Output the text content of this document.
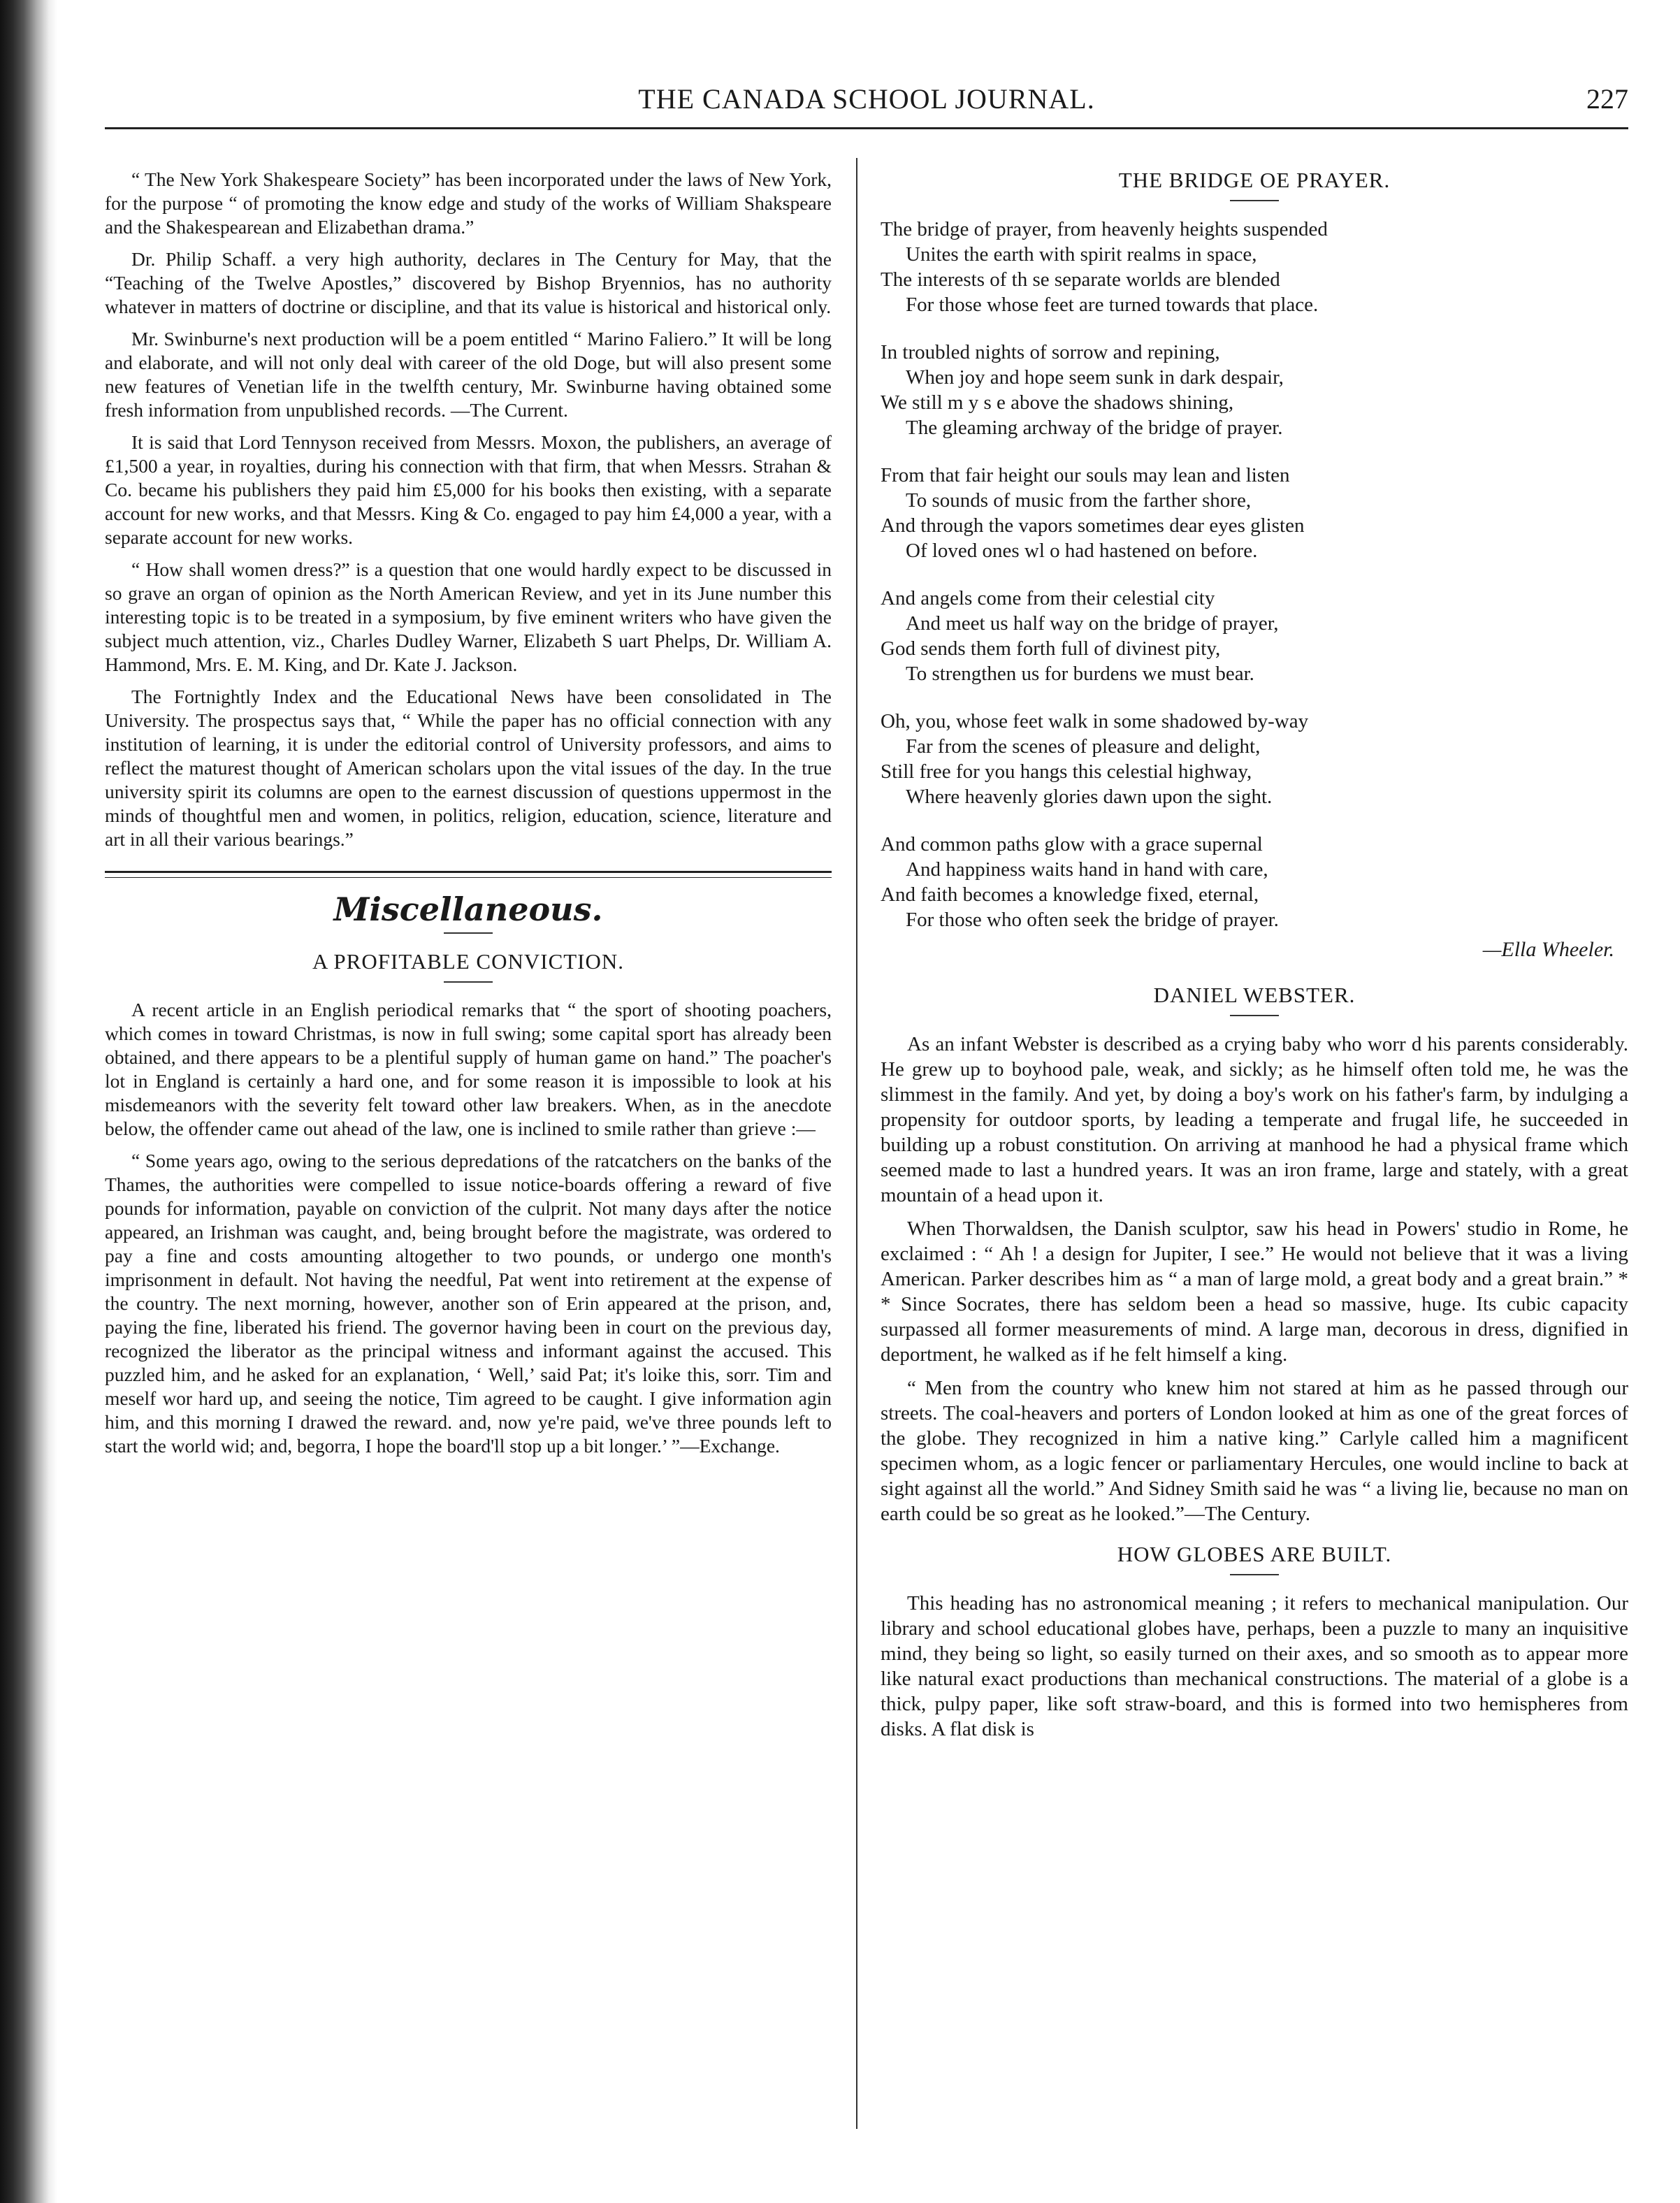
THE CANADA SCHOOL JOURNAL.	227

“ The New York Shakespeare Society” has been incorporated under the laws of New York, for the purpose “ of promoting the know edge and study of the works of William Shakspeare and the Shakespearean and Elizabethan drama.”

Dr. Philip Schaff. a very high authority, declares in The Century for May, that the “Teaching of the Twelve Apostles,” discovered by Bishop Bryennios, has no authority whatever in matters of doctrine or discipline, and that its value is historical and historical only.

Mr. Swinburne's next production will be a poem entitled “ Marino Faliero.” It will be long and elaborate, and will not only deal with career of the old Doge, but will also present some new features of Venetian life in the twelfth century, Mr. Swinburne having obtained some fresh information from unpublished records. —The Current.

It is said that Lord Tennyson received from Messrs. Moxon, the publishers, an average of £1,500 a year, in royalties, during his connection with that firm, that when Messrs. Strahan & Co. became his publishers they paid him £5,000 for his books then existing, with a separate account for new works, and that Messrs. King & Co. engaged to pay him £4,000 a year, with a separate account for new works.

“ How shall women dress?” is a question that one would hardly expect to be discussed in so grave an organ of opinion as the North American Review, and yet in its June number this interesting topic is to be treated in a symposium, by five eminent writers who have given the subject much attention, viz., Charles Dudley Warner, Elizabeth S uart Phelps, Dr. William A. Hammond, Mrs. E. M. King, and Dr. Kate J. Jackson.

The Fortnightly Index and the Educational News have been consolidated in The University. The prospectus says that, “ While the paper has no official connection with any institution of learning, it is under the editorial control of University professors, and aims to reflect the maturest thought of American scholars upon the vital issues of the day. In the true university spirit its columns are open to the earnest discussion of questions uppermost in the minds of thoughtful men and women, in politics, religion, education, science, literature and art in all their various bearings.”

Miscellaneous.
A PROFITABLE CONVICTION.

A recent article in an English periodical remarks that “ the sport of shooting poachers, which comes in toward Christmas, is now in full swing; some capital sport has already been obtained, and there appears to be a plentiful supply of human game on hand.” The poacher's lot in England is certainly a hard one, and for some reason it is impossible to look at his misdemeanors with the severity felt toward other law breakers. When, as in the anecdote below, the offender came out ahead of the law, one is inclined to smile rather than grieve :—

“ Some years ago, owing to the serious depredations of the ratcatchers on the banks of the Thames, the authorities were compelled to issue notice-boards offering a reward of five pounds for information, payable on conviction of the culprit. Not many days after the notice appeared, an Irishman was caught, and, being brought before the magistrate, was ordered to pay a fine and costs amounting altogether to two pounds, or undergo one month's imprisonment in default. Not having the needful, Pat went into retirement at the expense of the country. The next morning, however, another son of Erin appeared at the prison, and, paying the fine, liberated his friend. The governor having been in court on the previous day, recognized the liberator as the principal witness and informant against the accused. This puzzled him, and he asked for an explanation, ‘ Well,’ said Pat; it's loike this, sorr. Tim and meself wor hard up, and seeing the notice, Tim agreed to be caught. I give information agin him, and this morning I drawed the reward. and, now ye're paid, we've three pounds left to start the world wid; and, begorra, I hope the board'll stop up a bit longer.’ ”—Exchange.

THE BRIDGE OE PRAYER.
The bridge of prayer, from heavenly heights suspended
Unites the earth with spirit realms in space,
The interests of th se separate worlds are blended
For those whose feet are turned towards that place.
In troubled nights of sorrow and repining,
When joy and hope seem sunk in dark despair,
We still m y s e above the shadows shining,
The gleaming archway of the bridge of prayer.
From that fair height our souls may lean and listen
To sounds of music from the farther shore,
And through the vapors sometimes dear eyes glisten
Of loved ones wl o had hastened on before.
And angels come from their celestial city
And meet us half way on the bridge of prayer,
God sends them forth full of divinest pity,
To strengthen us for burdens we must bear.
Oh, you, whose feet walk in some shadowed by-way
Far from the scenes of pleasure and delight,
Still free for you hangs this celestial highway,
Where heavenly glories dawn upon the sight.
And common paths glow with a grace supernal
And happiness waits hand in hand with care,
And faith becomes a knowledge fixed, eternal,
For those who often seek the bridge of prayer.
—Ella Wheeler.
DANIEL WEBSTER.

As an infant Webster is described as a crying baby who worr d his parents considerably. He grew up to boyhood pale, weak, and sickly; as he himself often told me, he was the slimmest in the family. And yet, by doing a boy's work on his father's farm, by indulging a propensity for outdoor sports, by leading a temperate and frugal life, he succeeded in building up a robust constitution. On arriving at manhood he had a physical frame which seemed made to last a hundred years. It was an iron frame, large and stately, with a great mountain of a head upon it.

When Thorwaldsen, the Danish sculptor, saw his head in Powers' studio in Rome, he exclaimed : “ Ah ! a design for Jupiter, I see.” He would not believe that it was a living American. Parker describes him as “ a man of large mold, a great body and a great brain.” * * Since Socrates, there has seldom been a head so massive, huge. Its cubic capacity surpassed all former measurements of mind. A large man, decorous in dress, dignified in deportment, he walked as if he felt himself a king.

“ Men from the country who knew him not stared at him as he passed through our streets. The coal-heavers and porters of London looked at him as one of the great forces of the globe. They recognized in him a native king.” Carlyle called him a magnificent specimen whom, as a logic fencer or parliamentary Hercules, one would incline to back at sight against all the world.” And Sidney Smith said he was “ a living lie, because no man on earth could be so great as he looked.”—The Century.

HOW GLOBES ARE BUILT.

This heading has no astronomical meaning ; it refers to mechanical manipulation. Our library and school educational globes have, perhaps, been a puzzle to many an inquisitive mind, they being so light, so easily turned on their axes, and so smooth as to appear more like natural exact productions than mechanical constructions. The material of a globe is a thick, pulpy paper, like soft straw-board, and this is formed into two hemispheres from disks. A flat disk is
